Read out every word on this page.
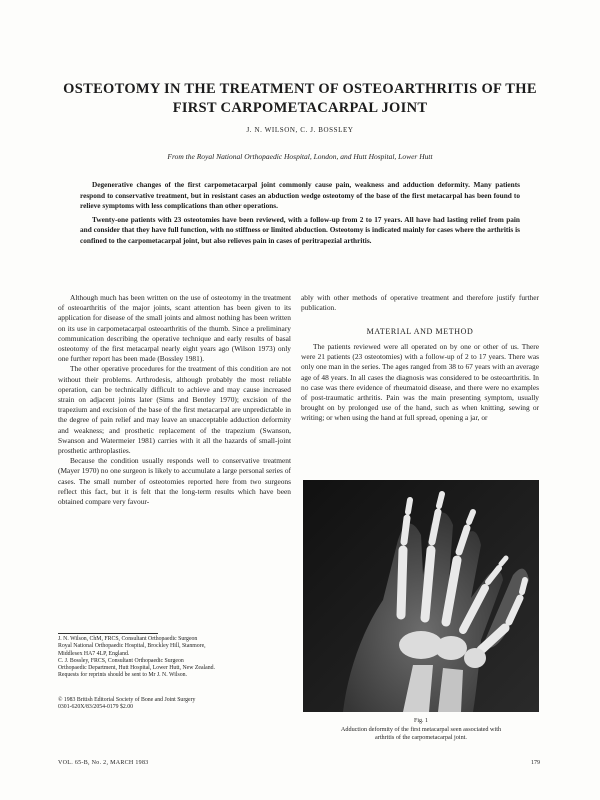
OSTEOTOMY IN THE TREATMENT OF OSTEOARTHRITIS OF THE
FIRST CARPOMETACARPAL JOINT
J. N. WILSON, C. J. BOSSLEY
From the Royal National Orthopaedic Hospital, London, and Hutt Hospital, Lower Hutt

Degenerative changes of the first carpometacarpal joint commonly cause pain, weakness and adduction deformity. Many patients respond to conservative treatment, but in resistant cases an abduction wedge osteotomy of the base of the first metacarpal has been found to relieve symptoms with less complications than other operations.

Twenty-one patients with 23 osteotomies have been reviewed, with a follow-up from 2 to 17 years. All have had lasting relief from pain and consider that they have full function, with no stiffness or limited abduction. Osteotomy is indicated mainly for cases where the arthritis is confined to the carpometacarpal joint, but also relieves pain in cases of peritrapezial arthritis.

Although much has been written on the use of osteotomy in the treatment of osteoarthritis of the major joints, scant attention has been given to its application for disease of the small joints and almost nothing has been written on its use in carpometacarpal osteoarthritis of the thumb. Since a preliminary communication describing the operative technique and early results of basal osteotomy of the first metacarpal nearly eight years ago (Wilson 1973) only one further report has been made (Bossley 1981).

The other operative procedures for the treatment of this condition are not without their problems. Arthrodesis, although probably the most reliable operation, can be technically difficult to achieve and may cause increased strain on adjacent joints later (Sims and Bentley 1970); excision of the trapezium and excision of the base of the first metacarpal are unpredictable in the degree of pain relief and may leave an unacceptable adduction deformity and weakness; and prosthetic replacement of the trapezium (Swanson, Swanson and Watermeier 1981) carries with it all the hazards of small-joint prosthetic arthroplasties.

Because the condition usually responds well to conservative treatment (Mayer 1970) no one surgeon is likely to accumulate a large personal series of cases. The small number of osteotomies reported here from two surgeons reflect this fact, but it is felt that the long-term results which have been obtained compare very favour-

ably with other methods of operative treatment and therefore justify further publication.

MATERIAL AND METHOD

The patients reviewed were all operated on by one or other of us. There were 21 patients (23 osteotomies) with a follow-up of 2 to 17 years. There was only one man in the series. The ages ranged from 38 to 67 years with an average age of 48 years. In all cases the diagnosis was considered to be osteoarthritis. In no case was there evidence of rheumatoid disease, and there were no examples of post-traumatic arthritis. Pain was the main presenting symptom, usually brought on by prolonged use of the hand, such as when knitting, sewing or writing; or when using the hand at full spread, opening a jar, or

Fig. 1
Adduction deformity of the first metacarpal seen associated with
arthritis of the carpometacarpal joint.
J. N. Wilson, ChM, FRCS, Consultant Orthopaedic Surgeon
Royal National Orthopaedic Hospital, Brockley Hill, Stanmore,
Middlesex HA7 4LP, England.
C. J. Bossley, FRCS, Consultant Orthopaedic Surgeon
Orthopaedic Department, Hutt Hospital, Lower Hutt, New Zealand.
Requests for reprints should be sent to Mr J. N. Wilson.
© 1983 British Editorial Society of Bone and Joint Surgery
0301-620X/83/2054-0179 $2.00
VOL. 65-B, No. 2, MARCH 1983	179
